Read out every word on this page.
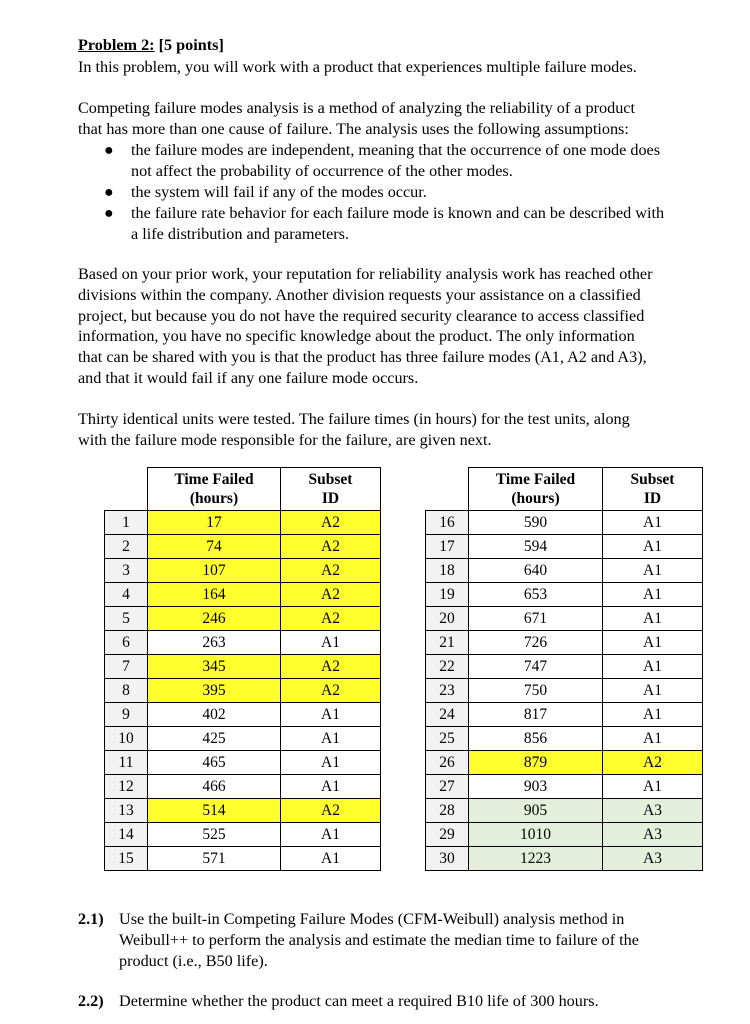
Problem 2: [5 points]
In this problem, you will work with a product that experiences multiple failure modes.
Competing failure modes analysis is a method of analyzing the reliability of a product
that has more than one cause of failure. The analysis uses the following assumptions:
● the failure modes are independent, meaning that the occurrence of one mode does
not affect the probability of occurrence of the other modes.
● the system will fail if any of the modes occur.
● the failure rate behavior for each failure mode is known and can be described with
a life distribution and parameters.
Based on your prior work, your reputation for reliability analysis work has reached other
divisions within the company. Another division requests your assistance on a classified
project, but because you do not have the required security clearance to access classified
information, you have no specific knowledge about the product. The only information
that can be shared with you is that the product has three failure modes (A1, A2 and A3),
and that it would fail if any one failure mode occurs.
Thirty identical units were tested. The failure times (in hours) for the test units, along
with the failure mode responsible for the failure, are given next.
	Time Failed
(hours)	Subset
ID
1	17	A2
2	74	A2
3	107	A2
4	164	A2
5	246	A2
6	263	A1
7	345	A2
8	395	A2
9	402	A1
10	425	A1
11	465	A1
12	466	A1
13	514	A2
14	525	A1
15	571	A1
	Time Failed
(hours)	Subset
ID
16	590	A1
17	594	A1
18	640	A1
19	653	A1
20	671	A1
21	726	A1
22	747	A1
23	750	A1
24	817	A1
25	856	A1
26	879	A2
27	903	A1
28	905	A3
29	1010	A3
30	1223	A3
2.1) Use the built-in Competing Failure Modes (CFM-Weibull) analysis method in
Weibull++ to perform the analysis and estimate the median time to failure of the
product (i.e., B50 life).
2.2) Determine whether the product can meet a required B10 life of 300 hours.
